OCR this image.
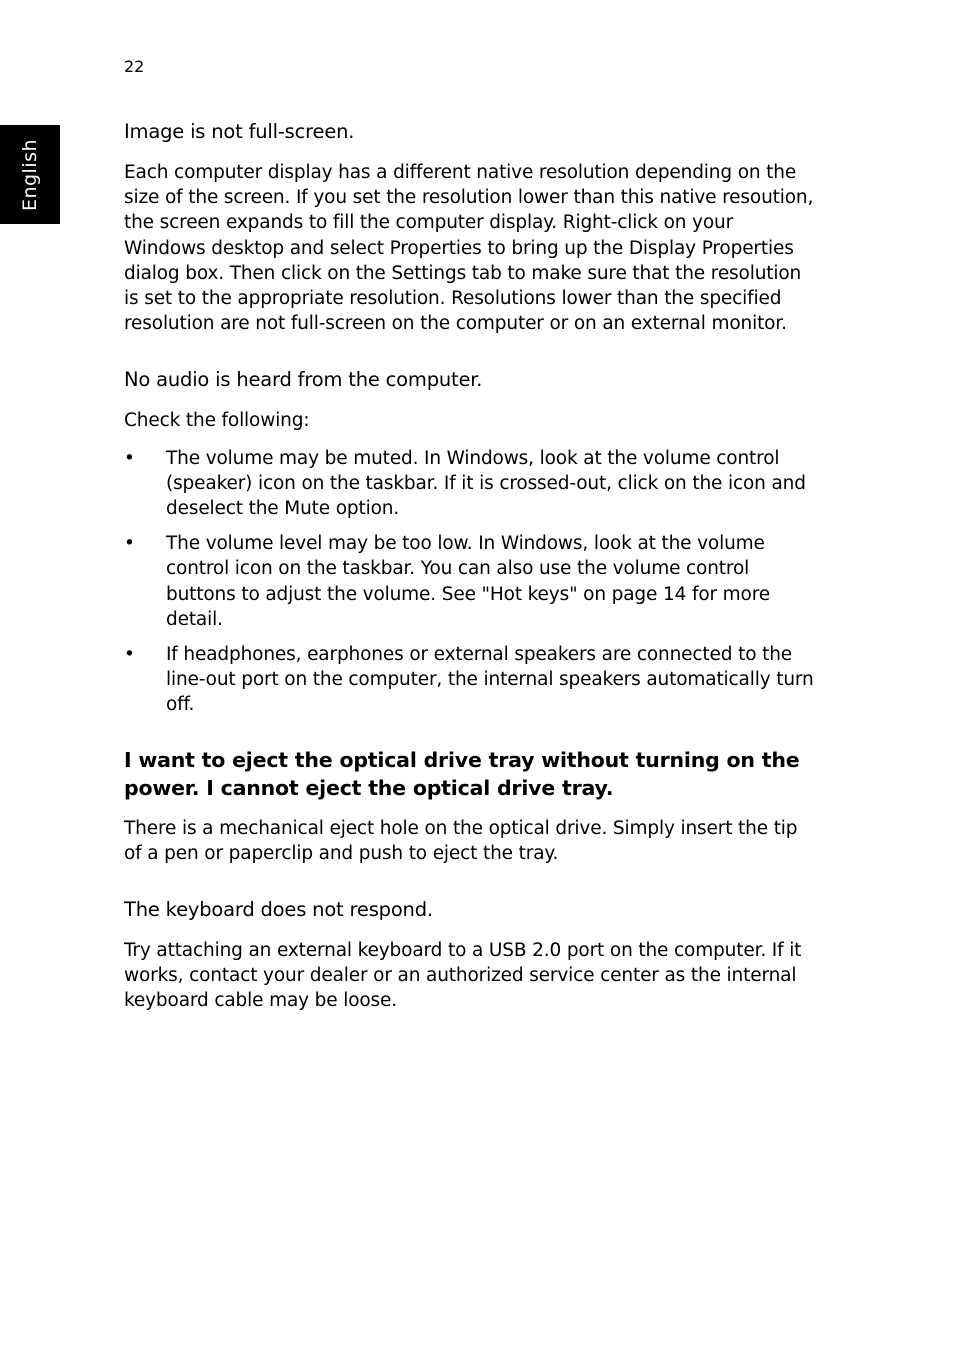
22
English
Image is not full-screen.

Each computer display has a different native resolution depending on the size of the screen. If you set the resolution lower than this native resoution, the screen expands to fill the computer display. Right-click on your Windows desktop and select Properties to bring up the Display Properties dialog box. Then click on the Settings tab to make sure that the resolution is set to the appropriate resolution. Resolutions lower than the specified resolution are not full-screen on the computer or on an external monitor.

No audio is heard from the computer.

Check the following:

• The volume may be muted. In Windows, look at the volume control (speaker) icon on the taskbar. If it is crossed-out, click on the icon and deselect the Mute option.
• The volume level may be too low. In Windows, look at the volume control icon on the taskbar. You can also use the volume control buttons to adjust the volume. See "Hot keys" on page 14 for more detail.
• If headphones, earphones or external speakers are connected to the line-out port on the computer, the internal speakers automatically turn off.
I want to eject the optical drive tray without turning on the power. I cannot eject the optical drive tray.

There is a mechanical eject hole on the optical drive. Simply insert the tip of a pen or paperclip and push to eject the tray.

The keyboard does not respond.

Try attaching an external keyboard to a USB 2.0 port on the computer. If it works, contact your dealer or an authorized service center as the internal keyboard cable may be loose.
